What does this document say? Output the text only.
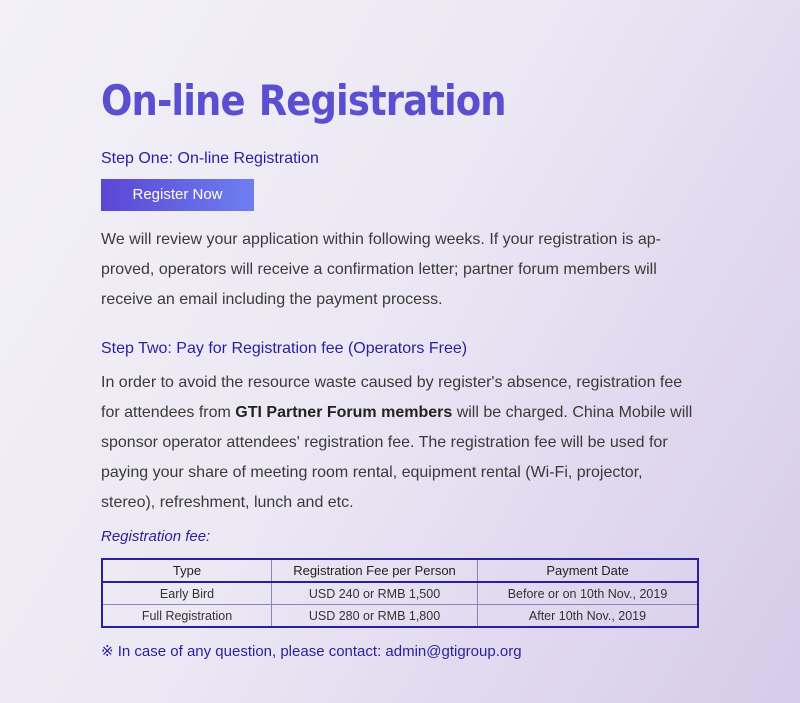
On-line Registration
Step One: On-line Registration
Register Now
We will review your application within following weeks. If your registration is ap-proved, operators will receive a confirmation letter; partner forum members will receive an email including the payment process.
Step Two: Pay for Registration fee (Operators Free)
In order to avoid the resource waste caused by register's absence, registration fee for attendees from GTI Partner Forum members will be charged. China Mobile will sponsor operator attendees' registration fee. The registration fee will be used for paying your share of meeting room rental, equipment rental (Wi-Fi, projector, stereo), refreshment, lunch and etc.
Registration fee:
Type	Registration Fee per Person	Payment Date
Early Bird	USD 240 or RMB 1,500	Before or on 10th Nov., 2019
Full Registration	USD 280 or RMB 1,800	After 10th Nov., 2019
※ In case of any question, please contact: admin@gtigroup.org
